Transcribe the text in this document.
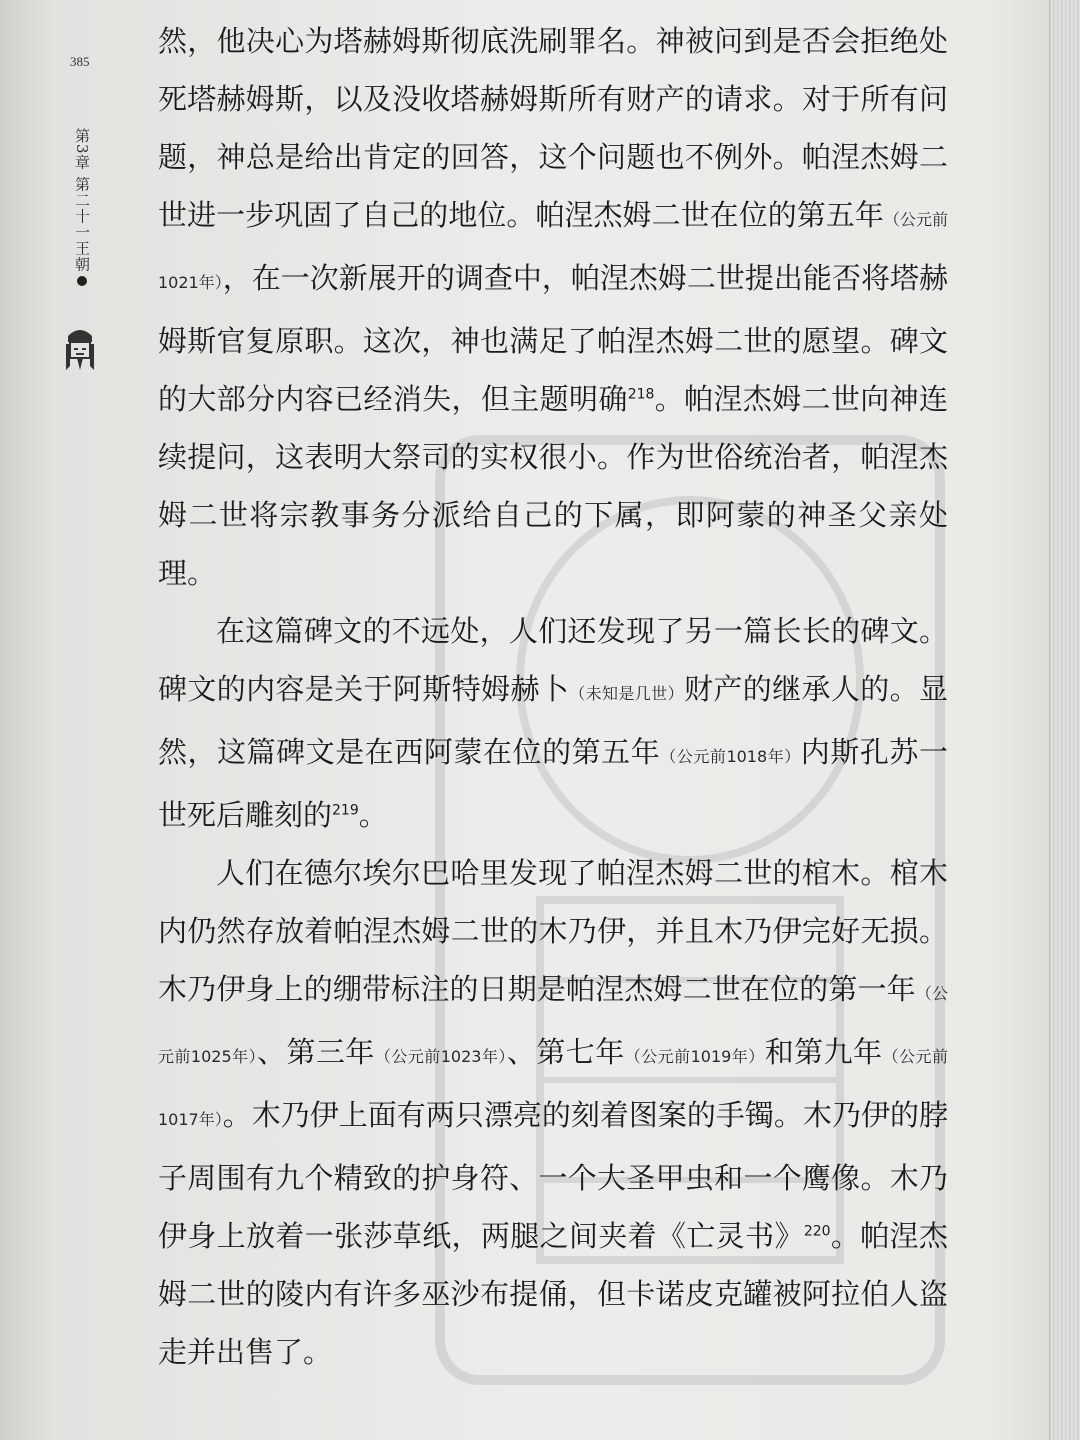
385
第3章 第二十一王朝

然，他决心为塔赫姆斯彻底洗刷罪名。神被问到是否会拒绝处死塔赫姆斯，以及没收塔赫姆斯所有财产的请求。对于所有问题，神总是给出肯定的回答，这个问题也不例外。帕涅杰姆二世进一步巩固了自己的地位。帕涅杰姆二世在位的第五年（公元前1021年），在一次新展开的调查中，帕涅杰姆二世提出能否将塔赫姆斯官复原职。这次，神也满足了帕涅杰姆二世的愿望。碑文的大部分内容已经消失，但主题明确$^{218}$。帕涅杰姆二世向神连续提问，这表明大祭司的实权很小。作为世俗统治者，帕涅杰姆二世将宗教事务分派给自己的下属，即阿蒙的神圣父亲处理。

在这篇碑文的不远处，人们还发现了另一篇长长的碑文。碑文的内容是关于阿斯特姆赫卜（未知是几世）财产的继承人的。显然，这篇碑文是在西阿蒙在位的第五年（公元前1018年）内斯孔苏一世死后雕刻的$^{219}$。

人们在德尔埃尔巴哈里发现了帕涅杰姆二世的棺木。棺木内仍然存放着帕涅杰姆二世的木乃伊，并且木乃伊完好无损。木乃伊身上的绷带标注的日期是帕涅杰姆二世在位的第一年（公元前1025年）、第三年（公元前1023年）、第七年（公元前1019年）和第九年（公元前1017年）。木乃伊上面有两只漂亮的刻着图案的手镯。木乃伊的脖子周围有九个精致的护身符、一个大圣甲虫和一个鹰像。木乃伊身上放着一张莎草纸，两腿之间夹着《亡灵书》$^{220}$。帕涅杰姆二世的陵内有许多巫沙布提俑，但卡诺皮克罐被阿拉伯人盗走并出售了。
